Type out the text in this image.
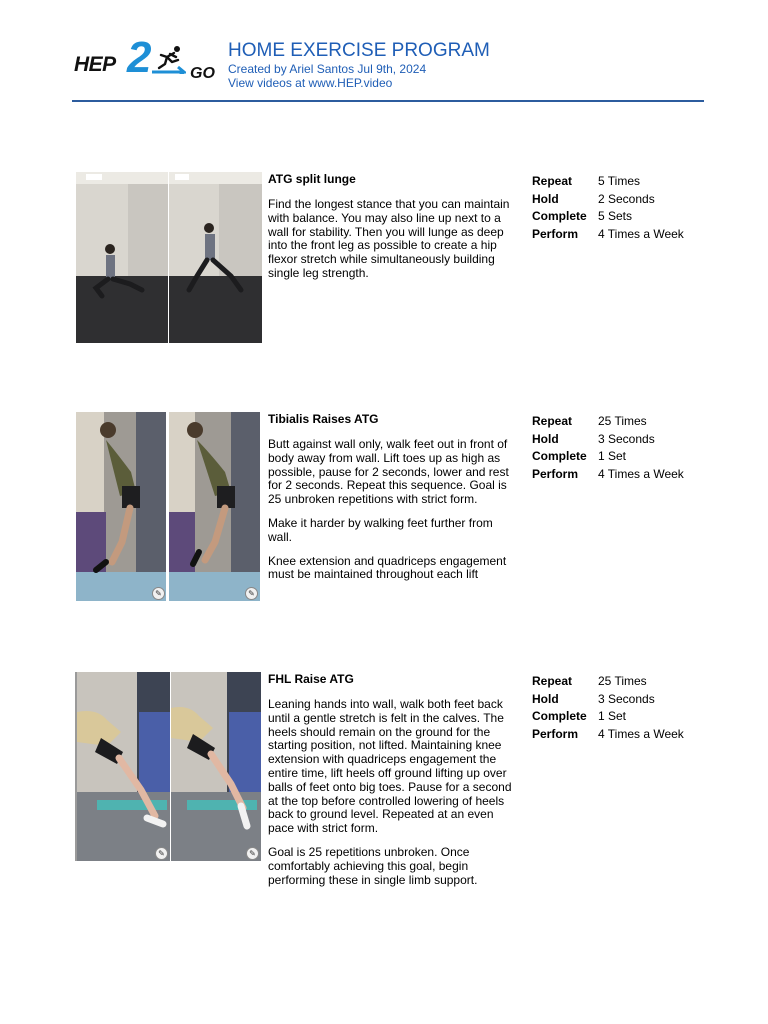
HEP 2 GO
HOME EXERCISE PROGRAM
Created by Ariel Santos Jul 9th, 2024
View videos at www.HEP.video
ATG split lunge

Find the longest stance that you can maintain with balance. You may also line up next to a wall for stability. Then you will lunge as deep into the front leg as possible to create a hip flexor stretch while simultaneously building single leg strength.

Repeat 5 Times
Hold	2 Seconds
Complete 5 Sets
Perform 4 Times a Week
✎	✎
Tibialis Raises ATG

Butt against wall only, walk feet out in front of body away from wall. Lift toes up as high as possible, pause for 2 seconds, lower and rest for 2 seconds. Repeat this sequence. Goal is 25 unbroken repetitions with strict form.

Make it harder by walking feet further from wall.

Knee extension and quadriceps engagement must be maintained throughout each lift

Repeat 25 Times
Hold	3 Seconds
Complete 1 Set
Perform 4 Times a Week
✎	✎
FHL Raise ATG

Leaning hands into wall, walk both feet back until a gentle stretch is felt in the calves. The heels should remain on the ground for the starting position, not lifted. Maintaining knee extension with quadriceps engagement the entire time, lift heels off ground lifting up over balls of feet onto big toes. Pause for a second at the top before controlled lowering of heels back to ground level. Repeated at an even pace with strict form.

Goal is 25 repetitions unbroken. Once comfortably achieving this goal, begin performing these in single limb support.

Repeat 25 Times
Hold	3 Seconds
Complete 1 Set
Perform 4 Times a Week
